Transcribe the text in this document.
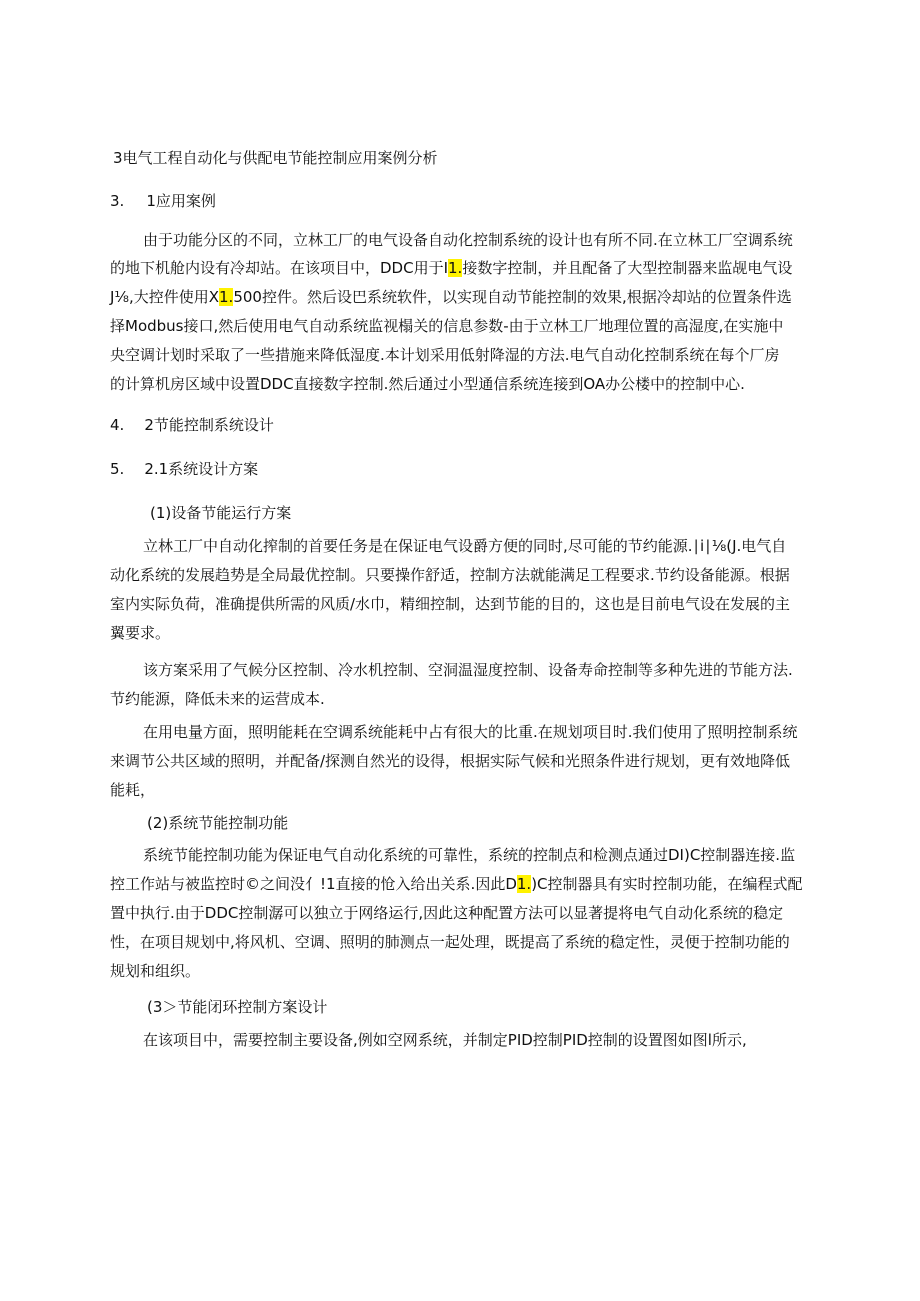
3电气工程自动化与供配电节能控制应用案例分析
3. 1应用案例
由于功能分区的不同，立林工厂的电气设备自动化控制系统的设计也有所不同.在立林工厂空调系统
的地下机舱内设有冷却站。在该项目中，DDC用于I1.接数字控制，并且配备了大型控制器来监觇电气设
J⅛,大控件使用X1.500控件。然后设巴系统软件，以实现自动节能控制的效果,根据冷却站的位置条件选
择Modbus接口,然后使用电气自动系统监视榻关的信息参数-由于立林工厂地理位置的高湿度,在实施中
央空调计划时采取了一些措施来降低湿度.本计划采用低射降湿的方法.电气自动化控制系统在每个厂房
的计算机房区域中设置DDC直接数字控制.然后通过小型通信系统连接到OA办公楼中的控制中心.
4. 2节能控制系统设计
5. 2.1系统设计方案
(1)设备节能运行方案
立林工厂中自动化搾制的首要任务是在保证电气设爵方便的同时,尽可能的节约能源.∣i∣⅛(J.电气自
动化系统的发展趋势是全局最优控制。只要操作舒适，控制方法就能满足工程要求.节约设备能源。根据
室内实际负荷，准确提供所需的风质/水巾，精细控制，达到节能的目的，这也是目前电气设在发展的主
翼要求。
该方案采用了气候分区控制、冷水机控制、空洞温湿度控制、设备寿命控制等多种先进的节能方法.
节约能源，降低未来的运营成本.
在用电量方面，照明能耗在空调系统能耗中占有很大的比重.在规划项目时.我们使用了照明控制系统
来调节公共区域的照明，并配备/探测自然光的设得，根据实际气候和光照条件进行规划，更有效地降低
能耗，
(2)系统节能控制功能
系统节能控制功能为保证电气自动化系统的可靠性，系统的控制点和检测点通过DI)C控制器连接.监
控工作站与被监控时©之间没亻!1直接的怆入给出关系.因此D1.)C控制器具有实时控制功能，在编程式配
置中执行.由于DDC控制潺可以独立于网络运行,因此这种配置方法可以显著提将电气自动化系统的稳定
性，在项目规划中,将风机、空调、照明的肺测点一起处理，既提高了系统的稳定性，灵便于控制功能的
规划和组织。
(3＞节能闭环控制方案设计
在该项目中，需要控制主要设备,例如空网系统，并制定PID控制PID控制的设置图如图l所示,
